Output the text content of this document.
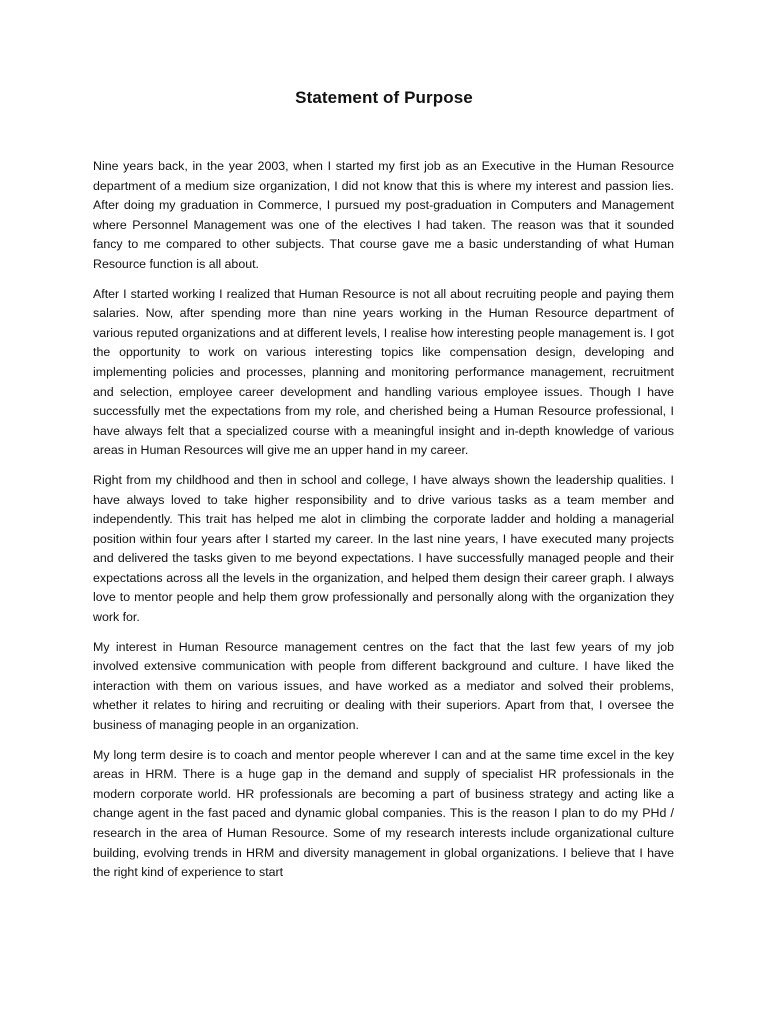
Statement of Purpose

Nine years back, in the year 2003, when I started my first job as an Executive in the Human Resource department of a medium size organization, I did not know that this is where my interest and passion lies. After doing my graduation in Commerce, I pursued my post-graduation in Computers and Management where Personnel Management was one of the electives I had taken. The reason was that it sounded fancy to me compared to other subjects. That course gave me a basic understanding of what Human Resource function is all about.

After I started working I realized that Human Resource is not all about recruiting people and paying them salaries. Now, after spending more than nine years working in the Human Resource department of various reputed organizations and at different levels, I realise how interesting people management is. I got the opportunity to work on various interesting topics like compensation design, developing and implementing policies and processes, planning and monitoring performance management, recruitment and selection, employee career development and handling various employee issues. Though I have successfully met the expectations from my role, and cherished being a Human Resource professional, I have always felt that a specialized course with a meaningful insight and in-depth knowledge of various areas in Human Resources will give me an upper hand in my career.

Right from my childhood and then in school and college, I have always shown the leadership qualities. I have always loved to take higher responsibility and to drive various tasks as a team member and independently. This trait has helped me alot in climbing the corporate ladder and holding a managerial position within four years after I started my career. In the last nine years, I have executed many projects and delivered the tasks given to me beyond expectations. I have successfully managed people and their expectations across all the levels in the organization, and helped them design their career graph. I always love to mentor people and help them grow professionally and personally along with the organization they work for.

My interest in Human Resource management centres on the fact that the last few years of my job involved extensive communication with people from different background and culture. I have liked the interaction with them on various issues, and have worked as a mediator and solved their problems, whether it relates to hiring and recruiting or dealing with their superiors. Apart from that, I oversee the business of managing people in an organization.

My long term desire is to coach and mentor people wherever I can and at the same time excel in the key areas in HRM. There is a huge gap in the demand and supply of specialist HR professionals in the modern corporate world. HR professionals are becoming a part of business strategy and acting like a change agent in the fast paced and dynamic global companies. This is the reason I plan to do my PHd / research in the area of Human Resource. Some of my research interests include organizational culture building, evolving trends in HRM and diversity management in global organizations. I believe that I have the right kind of experience to start
